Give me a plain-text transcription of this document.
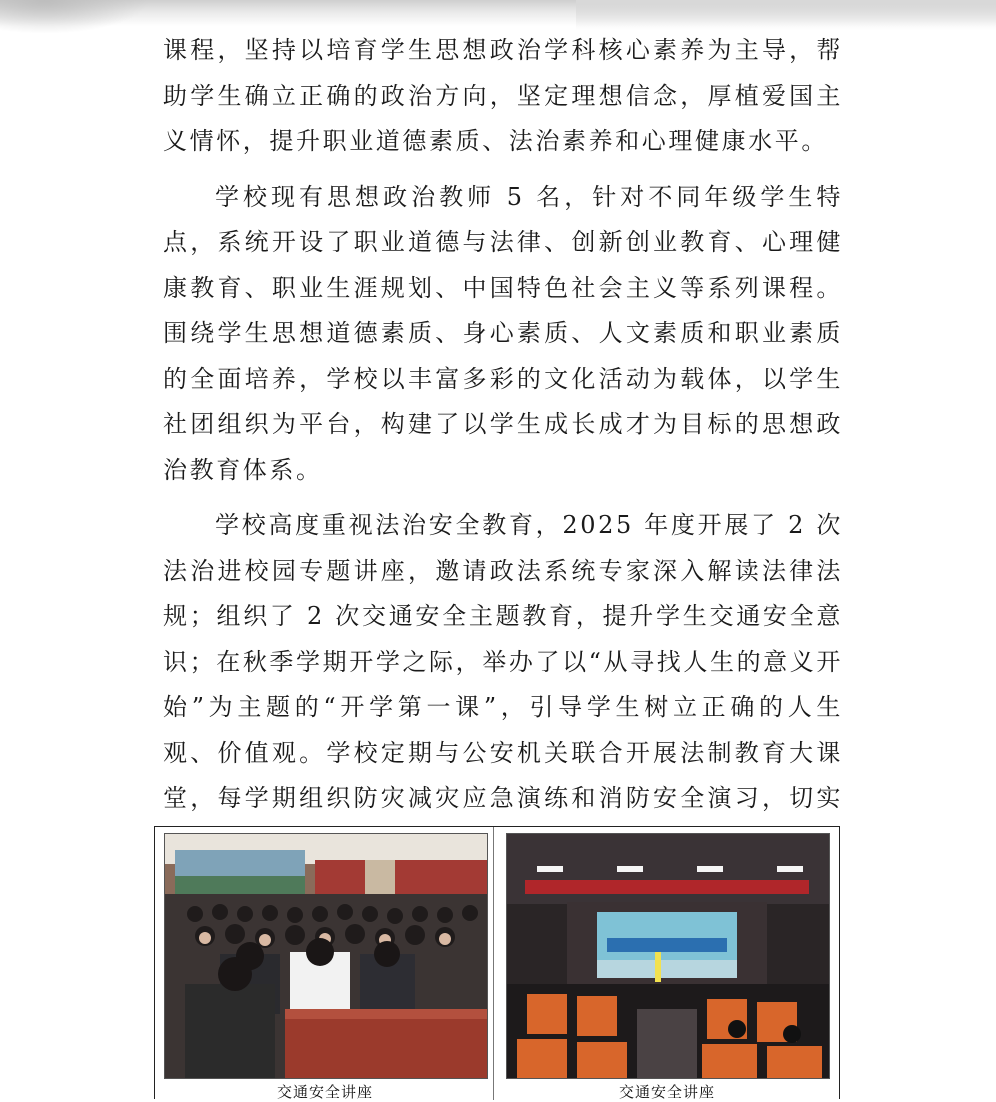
课程，坚持以培育学生思想政治学科核心素养为主导，帮助学生确立正确的政治方向，坚定理想信念，厚植爱国主义情怀，提升职业道德素质、法治素养和心理健康水平。

学校现有思想政治教师 5 名，针对不同年级学生特点，系统开设了职业道德与法律、创新创业教育、心理健康教育、职业生涯规划、中国特色社会主义等系列课程。围绕学生思想道德素质、身心素质、人文素质和职业素质的全面培养，学校以丰富多彩的文化活动为载体，以学生社团组织为平台，构建了以学生成长成才为目标的思想政治教育体系。

学校高度重视法治安全教育，2025 年度开展了 2 次法治进校园专题讲座，邀请政法系统专家深入解读法律法规；组织了 2 次交通安全主题教育，提升学生交通安全意识；在秋季学期开学之际，举办了以“从寻找人生的意义开始”为主题的“开学第一课”，引导学生树立正确的人生观、价值观。学校定期与公安机关联合开展法制教育大课堂，每学期组织防灾减灾应急演练和消防安全演习，切实

交通安全讲座	交通安全讲座
